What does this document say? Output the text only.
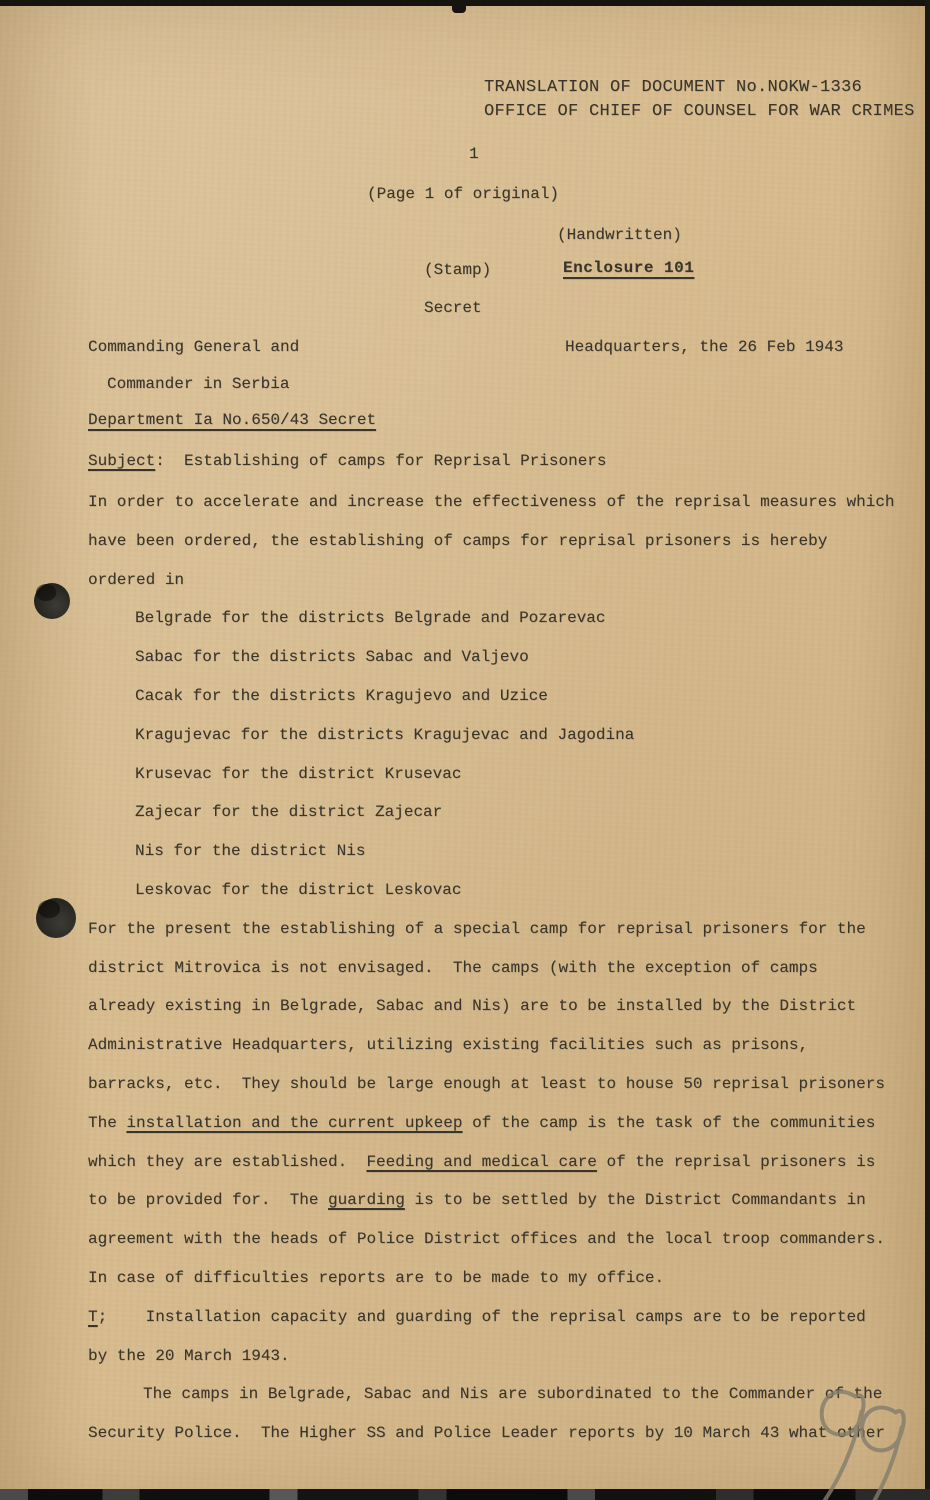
TRANSLATION OF DOCUMENT No.NOKW-1336
OFFICE OF CHIEF OF COUNSEL FOR WAR CRIMES
1
(Page 1 of original)
(Handwritten)
(Stamp)	Enclosure 101
Secret
Commanding General and	Headquarters, the 26 Feb 1943
Commander in Serbia
Department Ia No.650/43 Secret
Subject:  Establishing of camps for Reprisal Prisoners
In order to accelerate and increase the effectiveness of the reprisal measures which
have been ordered, the establishing of camps for reprisal prisoners is hereby
ordered in
Belgrade for the districts Belgrade and Pozarevac
Sabac for the districts Sabac and Valjevo
Cacak for the districts Kragujevo and Uzice
Kragujevac for the districts Kragujevac and Jagodina
Krusevac for the district Krusevac
Zajecar for the district Zajecar
Nis for the district Nis
Leskovac for the district Leskovac
For the present the establishing of a special camp for reprisal prisoners for the
district Mitrovica is not envisaged.  The camps (with the exception of camps
already existing in Belgrade, Sabac and Nis) are to be installed by the District
Administrative Headquarters, utilizing existing facilities such as prisons,
barracks, etc.  They should be large enough at least to house 50 reprisal prisoners
The installation and the current upkeep of the camp is the task of the communities
which they are established.  Feeding and medical care of the reprisal prisoners is
to be provided for.  The guarding is to be settled by the District Commandants in
agreement with the heads of Police District offices and the local troop commanders.
In case of difficulties reports are to be made to my office.
T;    Installation capacity and guarding of the reprisal camps are to be reported
by the 20 March 1943.
The camps in Belgrade, Sabac and Nis are subordinated to the Commander of the
Security Police.  The Higher SS and Police Leader reports by 10 March 43 what other
